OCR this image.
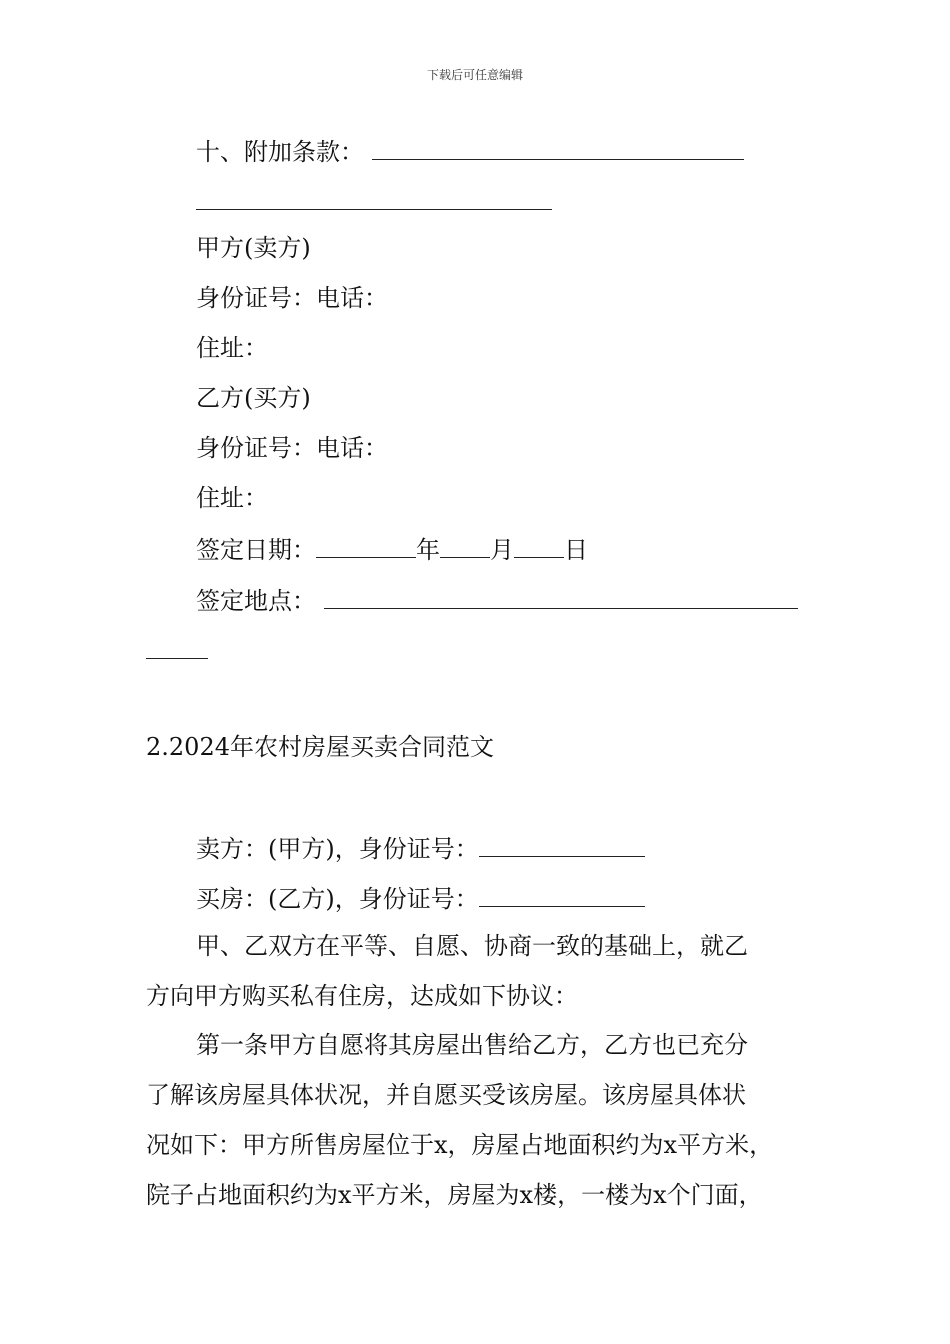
下载后可任意编辑
十、附加条款：
甲方(卖方)
身份证号：电话：
住址：
乙方(买方)
身份证号：电话：
住址：
签定日期：	年 月 日
签定地点：
2.2024年农村房屋买卖合同范文
卖方：(甲方)，身份证号：
买房：(乙方)，身份证号：
甲、乙双方在平等、自愿、协商一致的基础上，就乙
方向甲方购买私有住房，达成如下协议：
第一条甲方自愿将其房屋出售给乙方，乙方也已充分
了解该房屋具体状况，并自愿买受该房屋。该房屋具体状
况如下：甲方所售房屋位于x，房屋占地面积约为x平方米，
院子占地面积约为x平方米，房屋为x楼，一楼为x个门面，
